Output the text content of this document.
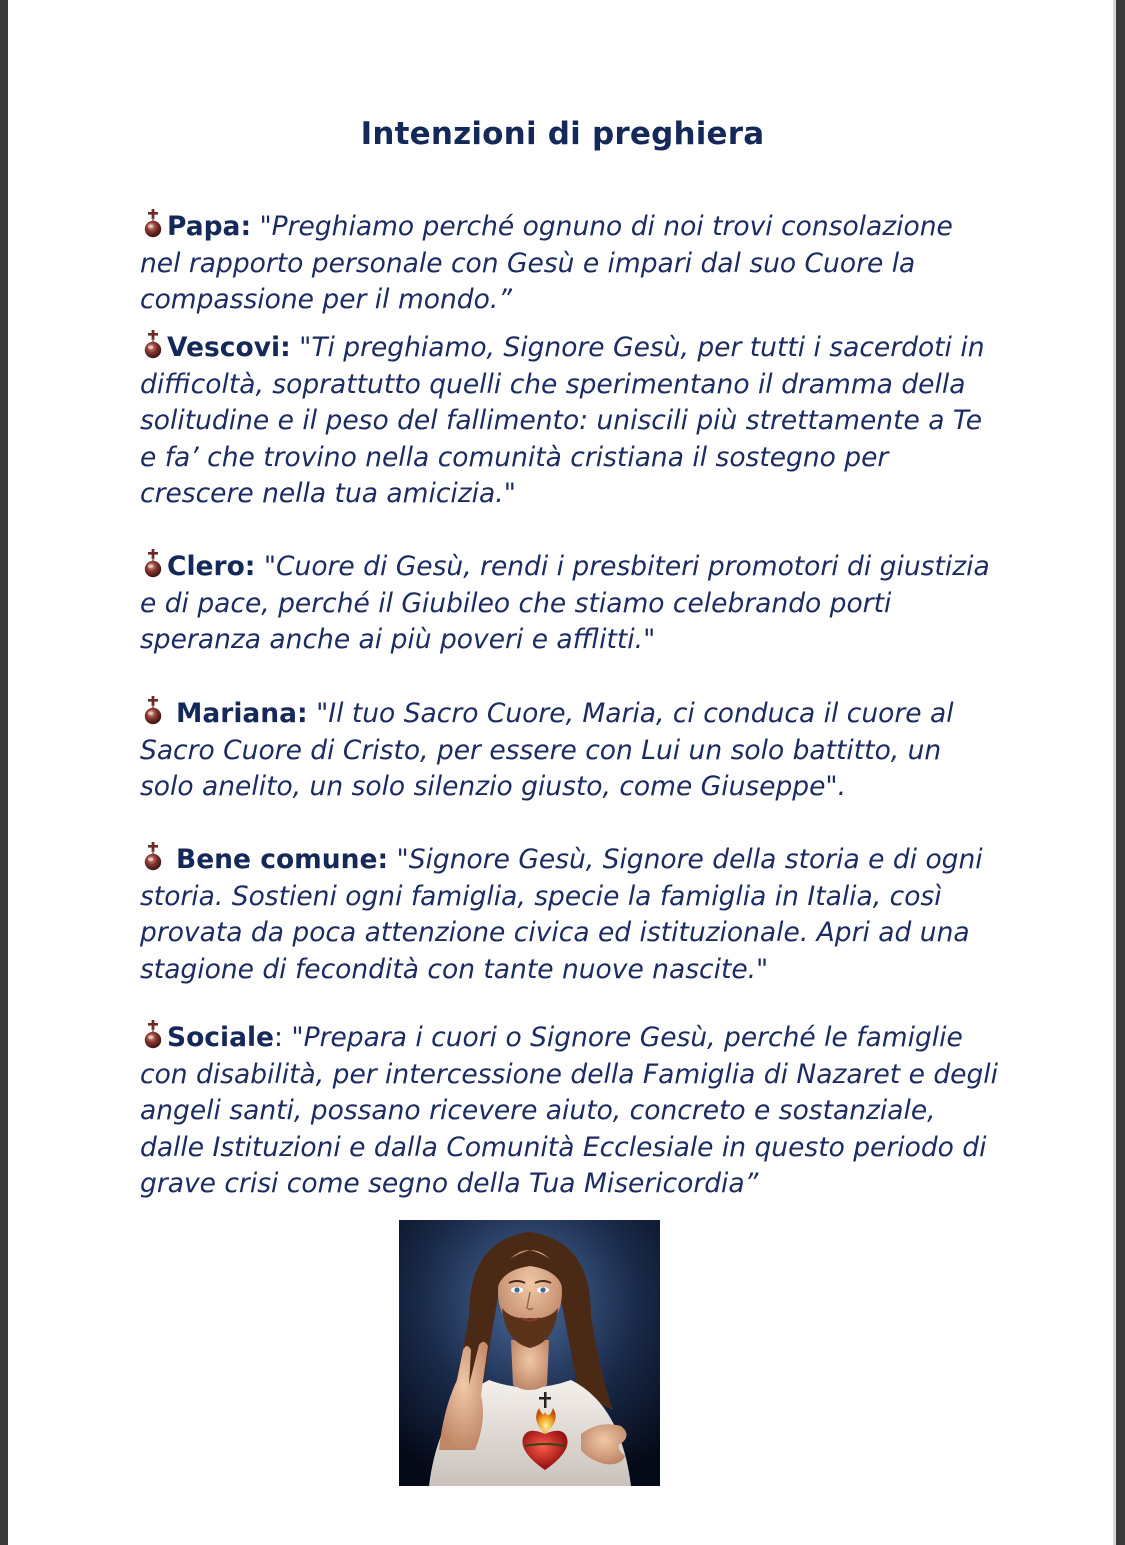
Intenzioni di preghiera

Papa: "Preghiamo perché ognuno di noi trovi consolazione nel rapporto personale con Gesù e impari dal suo Cuore la compassione per il mondo.”

Vescovi: "Ti preghiamo, Signore Gesù, per tutti i sacerdoti in difficoltà, soprattutto quelli che sperimentano il dramma della solitudine e il peso del fallimento: uniscili più strettamente a Te e fa’ che trovino nella comunità cristiana il sostegno per crescere nella tua amicizia."

Clero: "Cuore di Gesù, rendi i presbiteri promotori di giustizia e di pace, perché il Giubileo che stiamo celebrando porti speranza anche ai più poveri e afflitti."

Mariana: "Il tuo Sacro Cuore, Maria, ci conduca il cuore al Sacro Cuore di Cristo, per essere con Lui un solo battitto, un solo anelito, un solo silenzio giusto, come Giuseppe".

Bene comune: "Signore Gesù, Signore della storia e di ogni storia. Sostieni ogni famiglia, specie la famiglia in Italia, così provata da poca attenzione civica ed istituzionale. Apri ad una stagione di fecondità con tante nuove nascite."

Sociale: "Prepara i cuori o Signore Gesù, perché le famiglie con disabilità, per intercessione della Famiglia di Nazaret e degli angeli santi, possano ricevere aiuto, concreto e sostanziale, dalle Istituzioni e dalla Comunità Ecclesiale in questo periodo di grave crisi come segno della Tua Misericordia”
